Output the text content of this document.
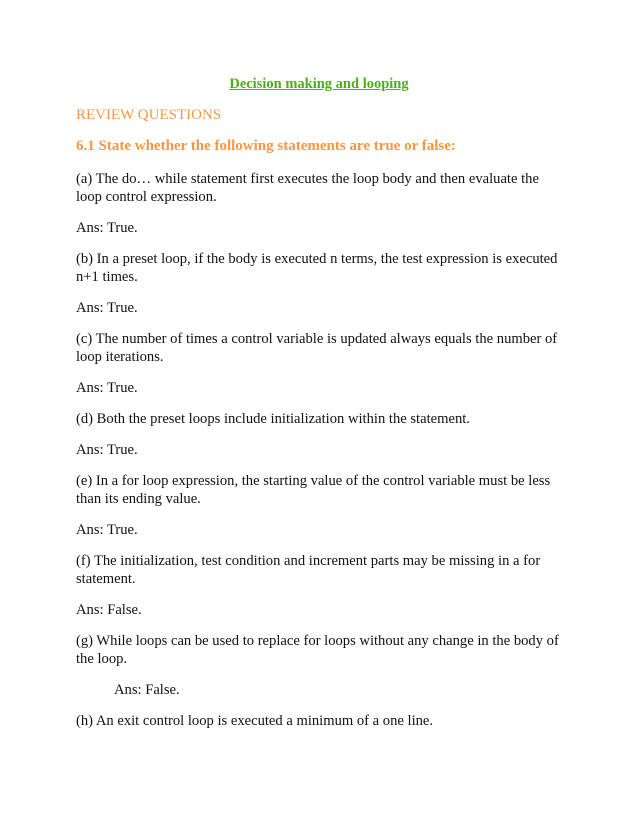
Decision making and looping
REVIEW QUESTIONS
6.1 State whether the following statements are true or false:

(a) The do… while statement first executes the loop body and then evaluate the loop control expression.

Ans: True.

(b) In a preset loop, if the body is executed n terms, the test expression is executed n+1 times.

Ans: True.

(c) The number of times a control variable is updated always equals the number of loop iterations.

Ans: True.

(d) Both the preset loops include initialization within the statement.

Ans: True.

(e) In a for loop expression, the starting value of the control variable must be less than its ending value.

Ans: True.

(f) The initialization, test condition and increment parts may be missing in a for statement.

Ans: False.

(g) While loops can be used to replace for loops without any change in the body of the loop.

Ans: False.

(h) An exit control loop is executed a minimum of a one line.
